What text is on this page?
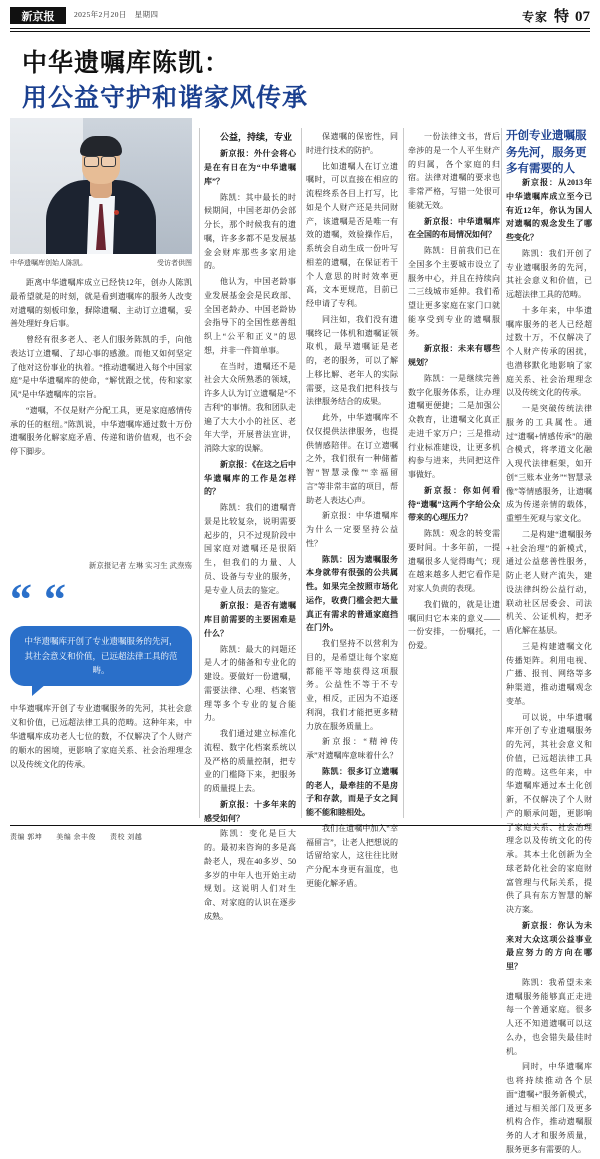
新京报	2025年2月20日　星期四	专家 特 07
中华遗嘱库陈凯：
用公益守护和谐家风传承
中华遗嘱库创始人陈凯。	受访者供图

距离中华遗嘱库成立已经快12年，创办人陈凯最希望就是的时刻，就是看到遗嘱库的服务人改变对遗嘱的刻板印象，摒除遗嘱、主动订立遗嘱，妥善处理好身后事。

曾经有很多老人、老人们服务陈凯的手，向他表达订立遗嘱、了却心事的感激。而他又如何坚定了他对这份事业的执着。“推动遗嘱进入每个中国家庭”是中华遗嘱库的使命，“解忧跟之忧，传和家家风”是中华遗嘱库的宗旨。

“遗嘱，不仅是财产分配工具，更是家庭感情传承的任的枢纽。”陈凯说，中华遗嘱库通过数十万份遗嘱服务化解家庭矛盾、传递和谐价值观，也不会停下脚步。

新京报记者 左琳 实习生 武焘殇
“ “
中华遗嘱库开创了专业遗嘱服务的先河，其社会意义和价值，已远超法律工具的范畴。
中华遗嘱库开创了专业遗嘱服务的先河，其社会意义和价值，已远超法律工具的范畴。这种年来，中华遗嘱库成功老人七位的数，不仅解决了个人财产的顺水的困境，更影响了家庭关系、社会治理理念以及传统文化的传承。

公益，持续，专业

新京报：外什会将心是在有日在为“中华遗嘱库”？

陈凯：其中最长的时候期间，中国老却仍会部分长，那个时候我有的遗嘱，许多多都不是发展基金会财库那些多家用途的。

他认为，中国老龄事业发展基金会是民政部、全国老龄办、中国老龄协会指导下的全国性慈善组织上“公平和正义”的思想，并非一件简单事。

在当时，遗嘱还不是社会大众所熟悉的领域，许多人认为订立遗嘱是“不吉利”的事情。我和团队走遍了大大小小的社区、老年大学，开展普法宣讲，消除大家的误解。

新京报：《在这之后中华遗嘱库的工作是怎样的？

陈凯：我们的遗嘱背景是比较复杂，说明需要起步的，只不过现阶段中国家庭对遗嘱还是很陌生，但我们的力量、人员、设备与专业的服务，是专业人员去的鉴定。

新京报：是否有遗嘱库目前需要的主要困难是什么？

陈凯：最大的问题还是人才的储备和专业化的建设。要做好一份遗嘱，需要法律、心理、档案管理等多个专业的复合能力。

我们通过建立标准化流程、数字化档案系统以及严格的质量控制，把专业的门槛降下来，把服务的质量提上去。

新京报：十多年来的感受如何？

陈凯：变化是巨大的。最初来咨询的多是高龄老人，现在40多岁、50多岁的中年人也开始主动规划。这说明人们对生命、对家庭的认识在逐步成熟。

保遗嘱的保密性，同时进行技术的防护。

比如遗嘱人在订立遗嘱时，可以直接在相应的流程终系各目上打写，比如是个人财产还是共同财产，该遗嘱是否是唯一有效的遗嘱，效验操作后，系统会自动生成一份叶写相差的遗嘱，在保证若干个人意思的时时效率更高，文本更规范，目前已经申请了专利。

同注如，我们没有遗嘱终记一体机和遗嘱证领取机，最早遗嘱证是老的，老的服务，可以了解上移比解、老年人的实际需要，这是我们把科技与法律服务结合的成果。

此外，中华遗嘱库不仅仅提供法律服务，也提供情感陪伴。在订立遗嘱之外，我们很有一种储蓄智“智慧录像”“幸福留言”等非常丰富的项目，帮助老人表达心声。

新京报：中华遗嘱库为什么一定要坚持公益性？

陈凯：因为遗嘱服务本身就带有很强的公共属性。如果完全按照市场化运作，收费门槛会把大量真正有需求的普通家庭挡在门外。

我们坚持不以营利为目的，是希望让每个家庭都能平等地获得这项服务。公益性不等于不专业，相反，正因为不追逐利润，我们才能把更多精力放在服务质量上。

新京报：“精神传承”对遗嘱库意味着什么？

陈凯：很多订立遗嘱的老人，最牵挂的不是房子和存款，而是子女之间能不能和睦相处。

我们在遗嘱中加入“幸福留言”，让老人把想说的话留给家人，这往往比财产分配本身更有温度，也更能化解矛盾。

一份法律文书，背后牵涉的是一个人平生财产的归属，各个家庭的归宿。法律对遗嘱的要求也非常严格，写错一处很可能就无效。

新京报：中华遗嘱库在全国的布局情况如何？

陈凯：目前我们已在全国多个主要城市设立了服务中心，并且在持续向二三线城市延伸。我们希望让更多家庭在家门口就能享受到专业的遗嘱服务。

新京报：未来有哪些规划？

陈凯：一是继续完善数字化服务体系，让办理遗嘱更便捷；二是加强公众教育，让遗嘱文化真正走进千家万户；三是推动行业标准建设，让更多机构参与进来，共同把这件事做好。

新京报：你如何看待“遗嘱”这两个字给公众带来的心理压力？

陈凯：观念的转变需要时间。十多年前，一提遗嘱很多人觉得晦气；现在越来越多人把它看作是对家人负责的表现。

我们做的，就是让遗嘱回归它本来的意义——一份安排，一份嘱托，一份爱。

开创专业遗嘱服务先河，服务更多有需要的人

新京报：从2013年中华遗嘱库成立至今已有近12年，你认为国人对遗嘱的观念发生了哪些变化？

陈凯：我们开创了专业遗嘱服务的先河，其社会意义和价值，已远超法律工具的范畴。

十多年来，中华遗嘱库服务的老人已经超过数十万，不仅解决了个人财产传承的困扰，也潜移默化地影响了家庭关系、社会治理理念以及传统文化的传承。

一是突破传统法律服务的工具属性。通过“遗嘱+情感传承”的融合模式，将孝道文化融入现代法律框架，如开创“三账本业务”“智慧录像”等情感服务，让遗嘱成为传递亲情的载体，重塑生死观与家文化。

二是构建“遗嘱服务+社会治理”的新模式，通过公益慈善性服务，防止老人财产流失，建设法律纠纷公益行动，联动社区居委会、司法机关、公证机构，把矛盾化解在基层。

三是构建遗嘱文化传播矩阵。利用电视、广播、报刊、网络等多种渠道，推动遗嘱观念变革。

可以说，中华遗嘱库开创了专业遗嘱服务的先河，其社会意义和价值，已远超法律工具的范畴。这些年来，中华遗嘱库通过本土化创新，不仅解决了个人财产的顺承问题，更影响了家庭关系、社会治理理念以及传统文化的传承。其本土化创新为全球老龄化社会的家庭财富管理与代际关系，提供了具有东方智慧的解决方案。

新京报：你认为未来对大众这项公益事业最应努力的方向在哪里？

陈凯：我希望未来遗嘱服务能够真正走进每一个普通家庭。很多人还不知道遗嘱可以这么办，也会错失最佳时机。

同时，中华遗嘱库也将持续推动各个层面“遗嘱+”服务新模式，通过与相关部门及更多机构合作，推动遗嘱服务的人才和服务质量，服务更多有需要的人。

责编 郭坤 美编 余丰俊 责校 刘越
